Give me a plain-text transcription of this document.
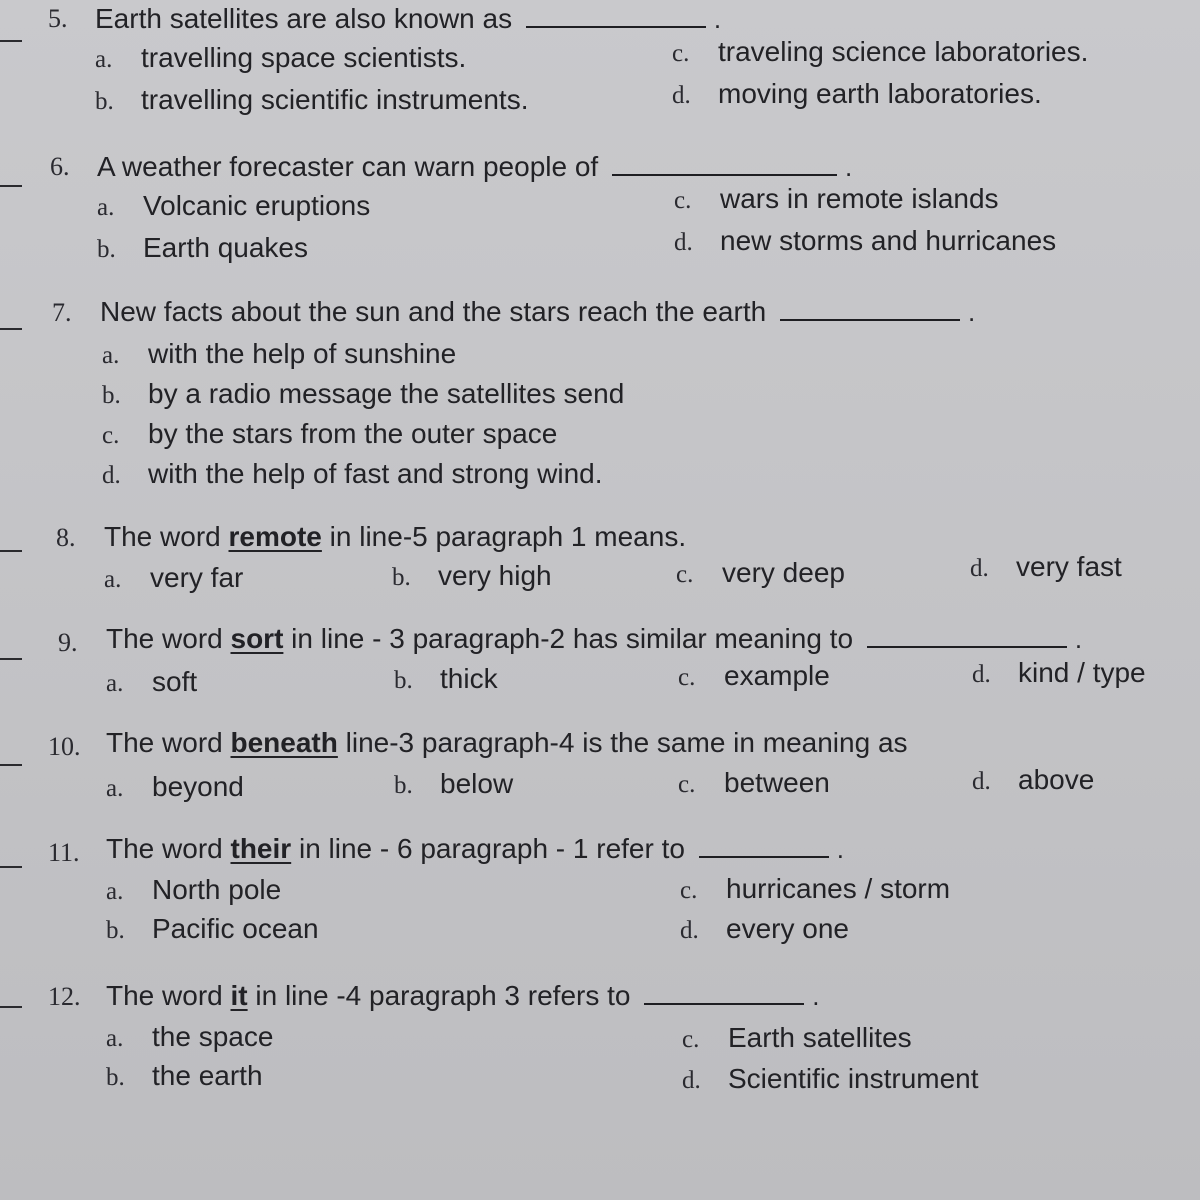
5. Earth satellites are also known as	.
a. travelling space scientists.
b. travelling scientific instruments.
c. traveling science laboratories.
d. moving earth laboratories.
6. A weather forecaster can warn people of	.
a. Volcanic eruptions
b. Earth quakes
c. wars in remote islands
d. new storms and hurricanes
7. New facts about the sun and the stars reach the earth	.
a. with the help of sunshine
b. by a radio message the satellites send
c. by the stars from the outer space
d. with the help of fast and strong wind.
8. The word remote in line-5 paragraph 1 means.
a. very far	b. very high	c. very deep	d. very fast
9. The word sort in line - 3 paragraph-2 has similar meaning to	.
a. soft	b. thick	c. example	d. kind / type
10. The word beneath line-3 paragraph-4 is the same in meaning as
a. beyond	b. below	c. between	d. above
11. The word their in line - 6 paragraph - 1 refer to	.
a. North pole
b. Pacific ocean
c. hurricanes / storm
d. every one
12. The word it in line -4 paragraph 3 refers to	.
a. the space
b. the earth
c. Earth satellites
d. Scientific instrument
